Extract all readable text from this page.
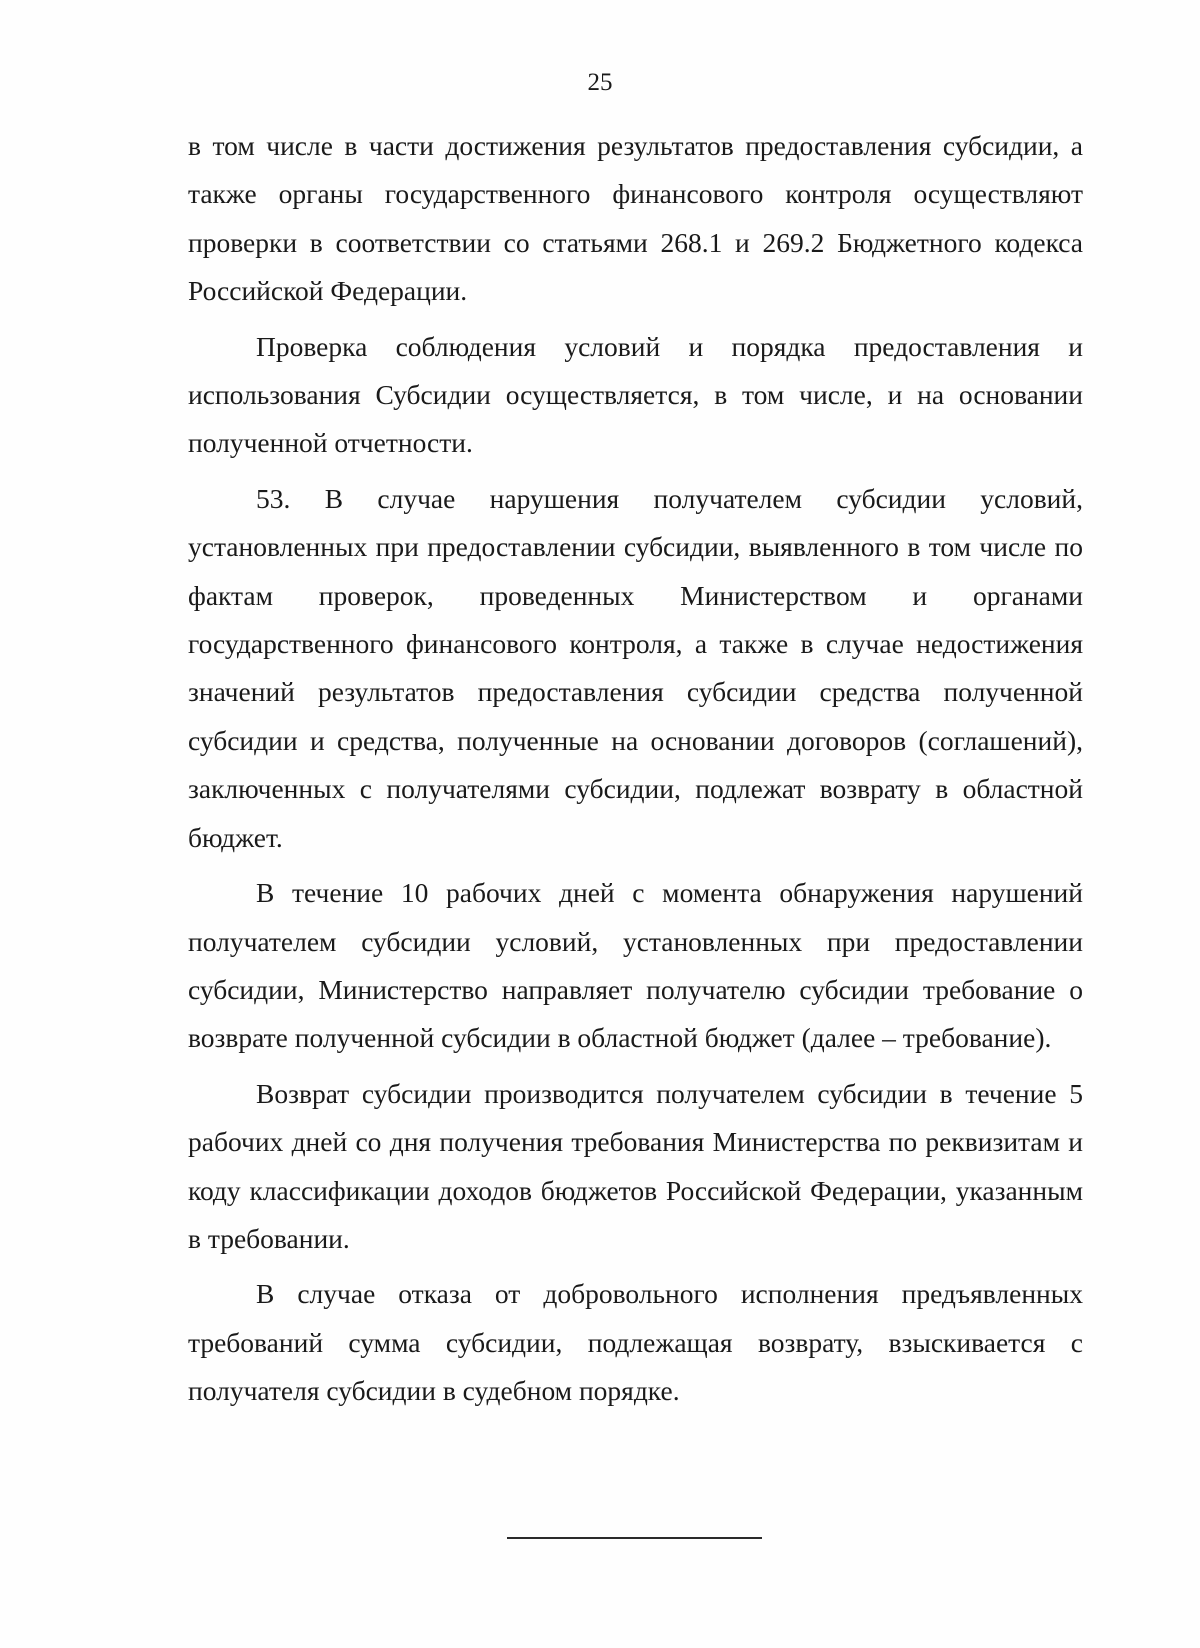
25

в том числе в части достижения результатов предоставления субсидии, а также органы государственного финансового контроля осуществляют проверки в соответствии со статьями 268.1 и 269.2 Бюджетного кодекса Российской Федерации.

Проверка соблюдения условий и порядка предоставления и использования Субсидии осуществляется, в том числе, и на основании полученной отчетности.

53. В случае нарушения получателем субсидии условий, установленных при предоставлении субсидии, выявленного в том числе по фактам проверок, проведенных Министерством и органами государственного финансового контроля, а также в случае недостижения значений результатов предоставления субсидии средства полученной субсидии и средства, полученные на основании договоров (соглашений), заключенных с получателями субсидии, подлежат возврату в областной бюджет.

В течение 10 рабочих дней с момента обнаружения нарушений получателем субсидии условий, установленных при предоставлении субсидии, Министерство направляет получателю субсидии требование о возврате полученной субсидии в областной бюджет (далее – требование).

Возврат субсидии производится получателем субсидии в течение 5 рабочих дней со дня получения требования Министерства по реквизитам и коду классификации доходов бюджетов Российской Федерации, указанным в требовании.

В случае отказа от добровольного исполнения предъявленных требований сумма субсидии, подлежащая возврату, взыскивается с получателя субсидии в судебном порядке.
